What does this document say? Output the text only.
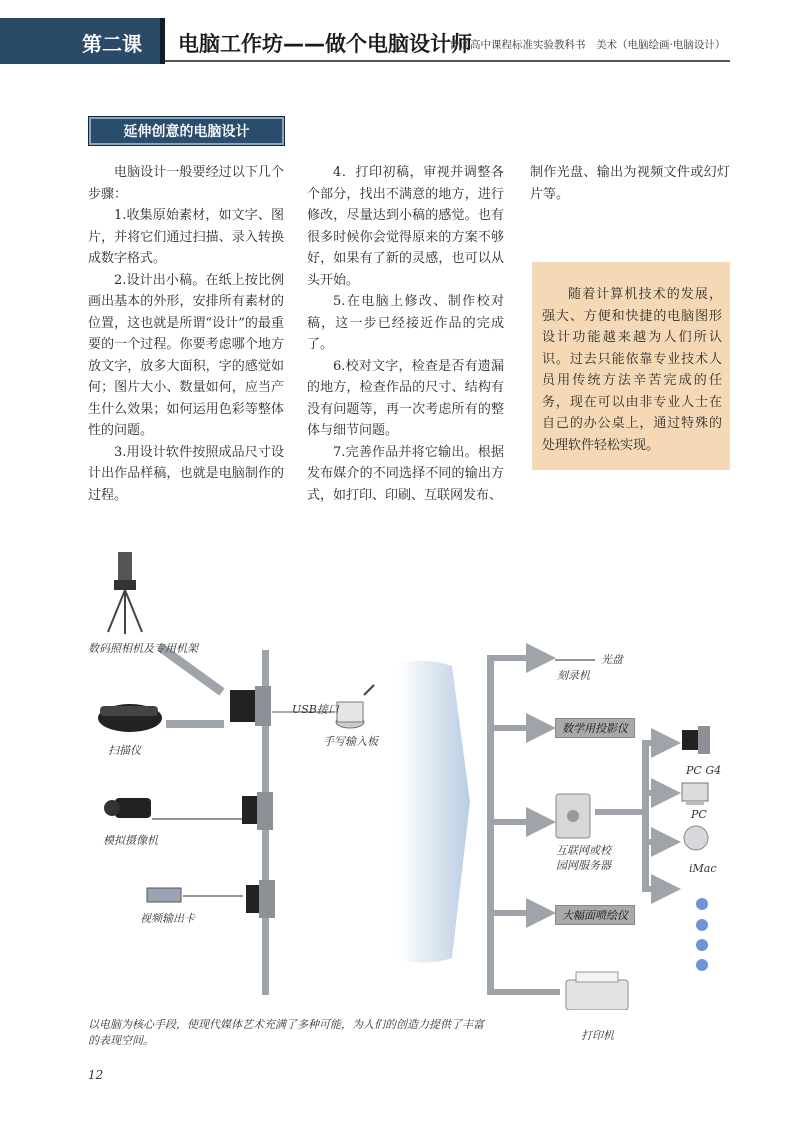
第二课 电脑工作坊——做个电脑设计师
普通高中课程标准实验教科书　美术（电脑绘画·电脑设计）
延伸创意的电脑设计

电脑设计一般要经过以下几个步骤：

1.收集原始素材，如文字、图片，并将它们通过扫描、录入转换成数字格式。

2.设计出小稿。在纸上按比例画出基本的外形，安排所有素材的位置，这也就是所谓“设计”的最重要的一个过程。你要考虑哪个地方放文字，放多大面积，字的感觉如何；图片大小、数量如何，应当产生什么效果；如何运用色彩等整体性的问题。

3.用设计软件按照成品尺寸设计出作品样稿，也就是电脑制作的过程。

4．打印初稿，审视并调整各个部分，找出不满意的地方，进行修改，尽量达到小稿的感觉。也有很多时候你会觉得原来的方案不够好，如果有了新的灵感，也可以从头开始。

5.在电脑上修改、制作校对稿，这一步已经接近作品的完成了。

6.校对文字，检查是否有遗漏的地方，检查作品的尺寸、结构有没有问题等，再一次考虑所有的整体与细节问题。

7.完善作品并将它输出。根据发布媒介的不同选择不同的输出方式，如打印、印刷、互联网发布、

制作光盘、输出为视频文件或幻灯片等。

随着计算机技术的发展，强大、方便和快捷的电脑图形设计功能越来越为人们所认识。过去只能依靠专业技术人员用传统方法辛苦完成的任务，现在可以由非专业人士在自己的办公桌上，通过特殊的处理软件轻松实现。
数码照相机及专用机架
扫描仪
模拟摄像机
视频输出卡
USB接口
手写输入板
光盘
刻录机
数学用投影仪
互联网或校园网服务器
大幅面喷绘仪
打印机
PC G4
PC
iMac
以电脑为核心手段，使现代媒体艺术充满了多种可能，为人们的创造力提供了丰富的表现空间。
12
